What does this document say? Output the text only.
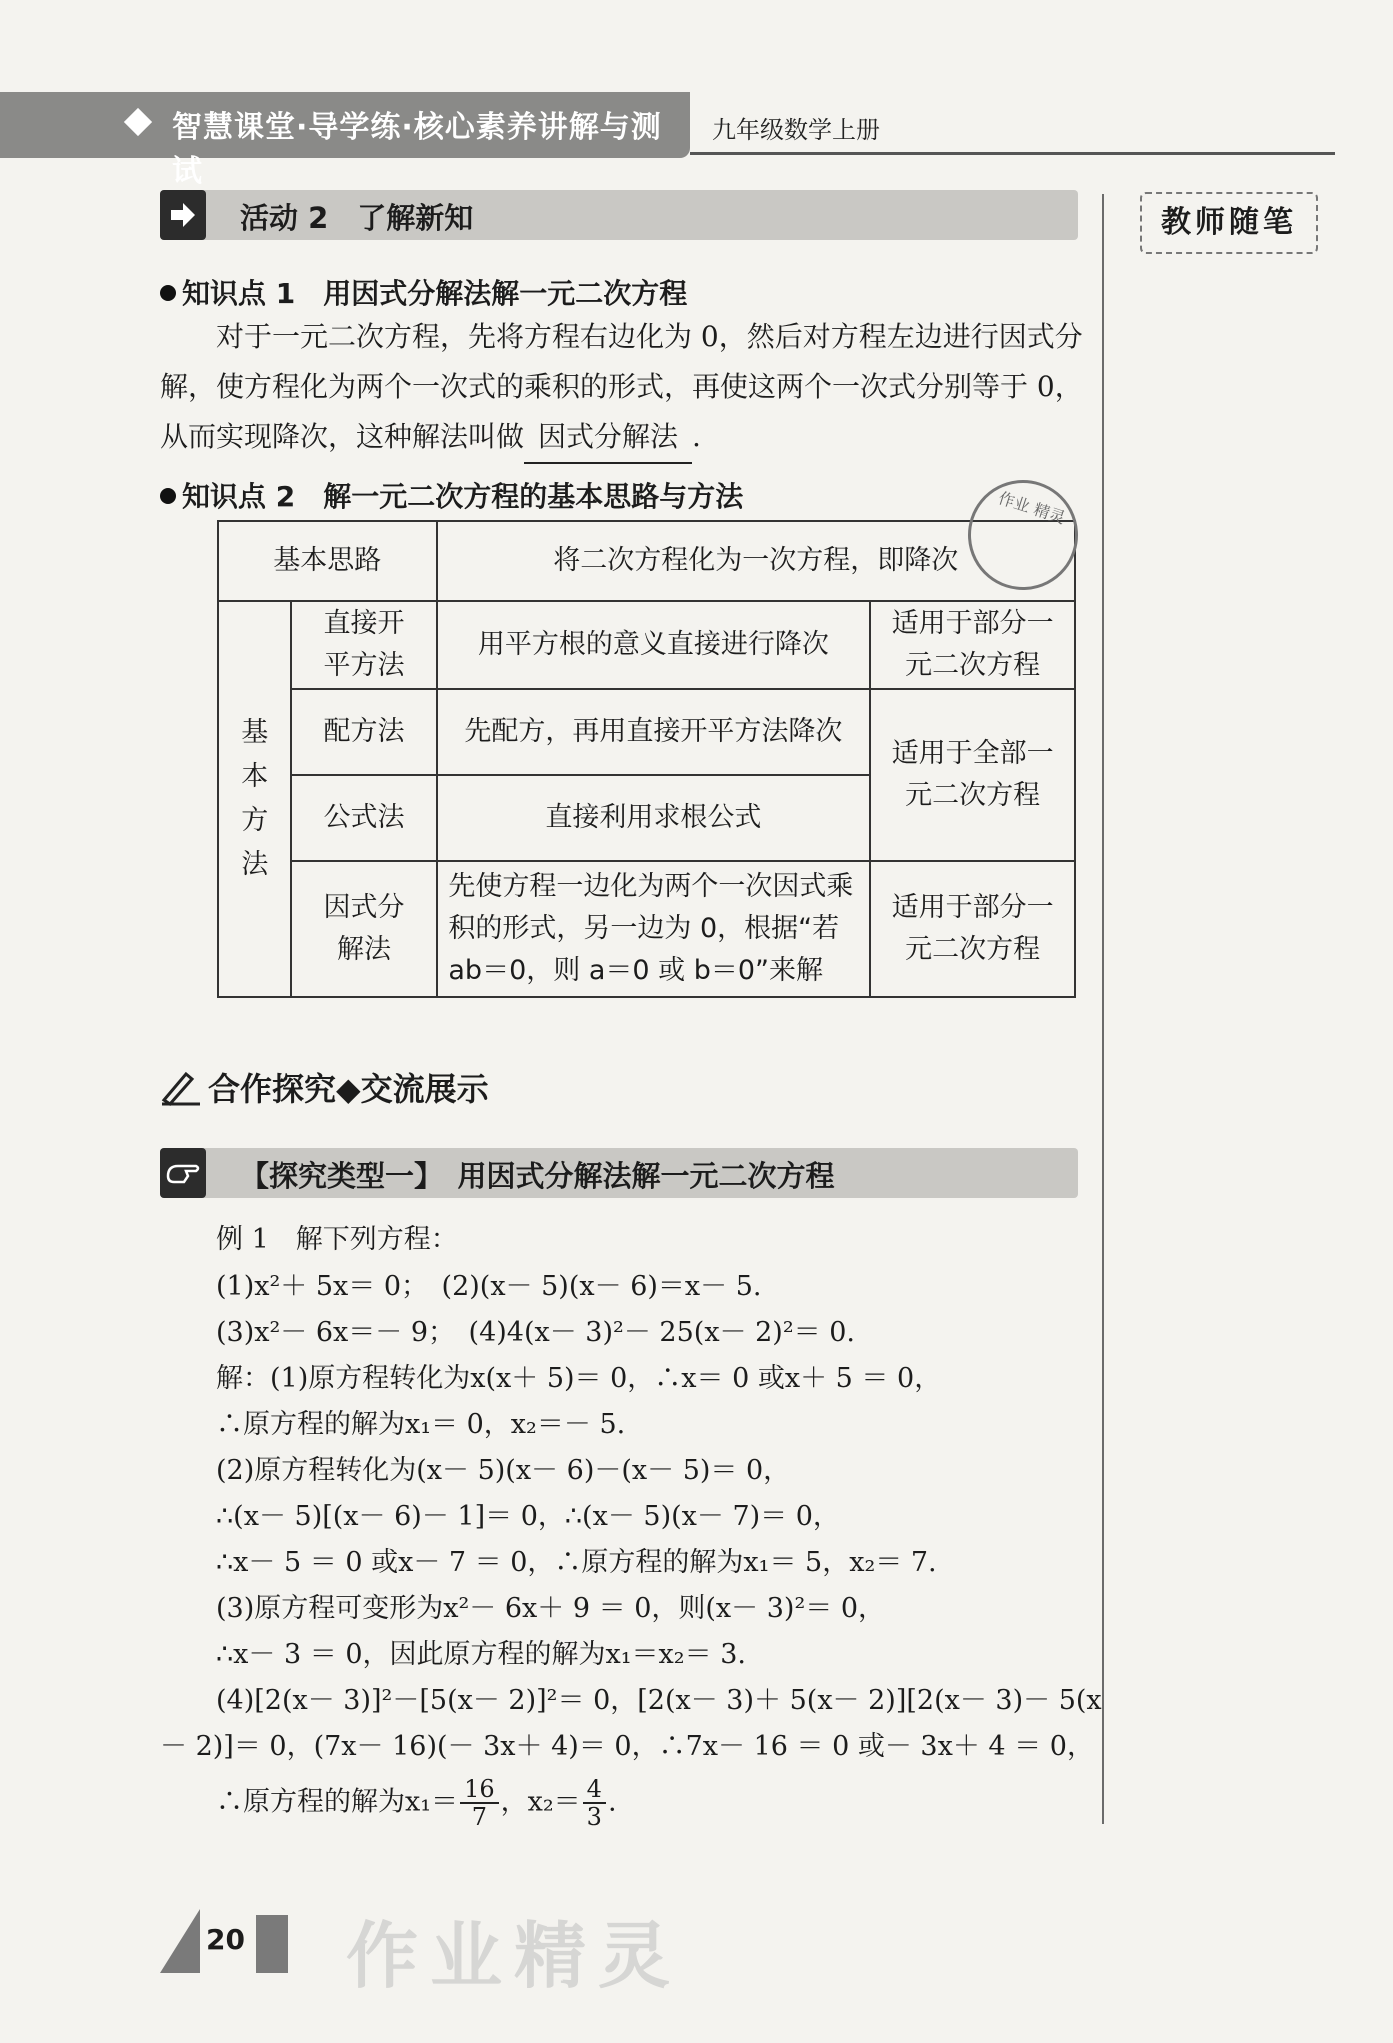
智慧课堂·导学练·核心素养讲解与测试
九年级数学上册
教师随笔
活动 2　了解新知
知识点 1 用因式分解法解一元二次方程
对于一元二次方程，先将方程右边化为 0，然后对方程左边进行因式分解，使方程化为两个一次式的乘积的形式，再使这两个一次式分别等于 0，从而实现降次，这种解法叫做 因式分解法 .
知识点 2 解一元二次方程的基本思路与方法
基本思路		将二次方程化为一次方程，即降次	

基本方法	直接开平方法	用平方根的意义直接进行降次	适用于部分一元二次方程

	配方法	先配方，再用直接开平方法降次	适用于全部一元二次方程

	公式法	直接利用求根公式	

	因式分解法	先使方程一边化为两个一次因式乘积的形式，另一边为 0，根据“若 ab＝0，则 a＝0 或 b＝0”来解	适用于部分一元二次方程
作业 精灵
合作探究◆交流展示
【探究类型一】　用因式分解法解一元二次方程
例 1　解下列方程：
(1)x²＋ 5x＝ 0；　(2)(x－ 5)(x－ 6)＝x－ 5.
(3)x²－ 6x＝－ 9；　(4)4(x－ 3)²－ 25(x－ 2)²＝ 0.
解：(1)原方程转化为x(x＋ 5)＝ 0，∴x＝ 0 或x＋ 5 ＝ 0，
∴原方程的解为x₁＝ 0，x₂＝－ 5.
(2)原方程转化为(x－ 5)(x－ 6)－(x－ 5)＝ 0，
∴(x－ 5)[(x－ 6)－ 1]＝ 0，∴(x－ 5)(x－ 7)＝ 0，
∴x－ 5 ＝ 0 或x－ 7 ＝ 0，∴原方程的解为x₁＝ 5，x₂＝ 7.
(3)原方程可变形为x²－ 6x＋ 9 ＝ 0，则(x－ 3)²＝ 0，
∴x－ 3 ＝ 0，因此原方程的解为x₁＝x₂＝ 3.
(4)[2(x－ 3)]²－[5(x－ 2)]²＝ 0，[2(x－ 3)＋ 5(x－ 2)][2(x－ 3)－ 5(x
－ 2)]＝ 0，(7x－ 16)(－ 3x＋ 4)＝ 0，∴7x－ 16 ＝ 0 或－ 3x＋ 4 ＝ 0，
∴原方程的解为$x_1= \frac{16}{7}$ ，$x_2= \frac{4}{3}$ .
20 作业精灵
